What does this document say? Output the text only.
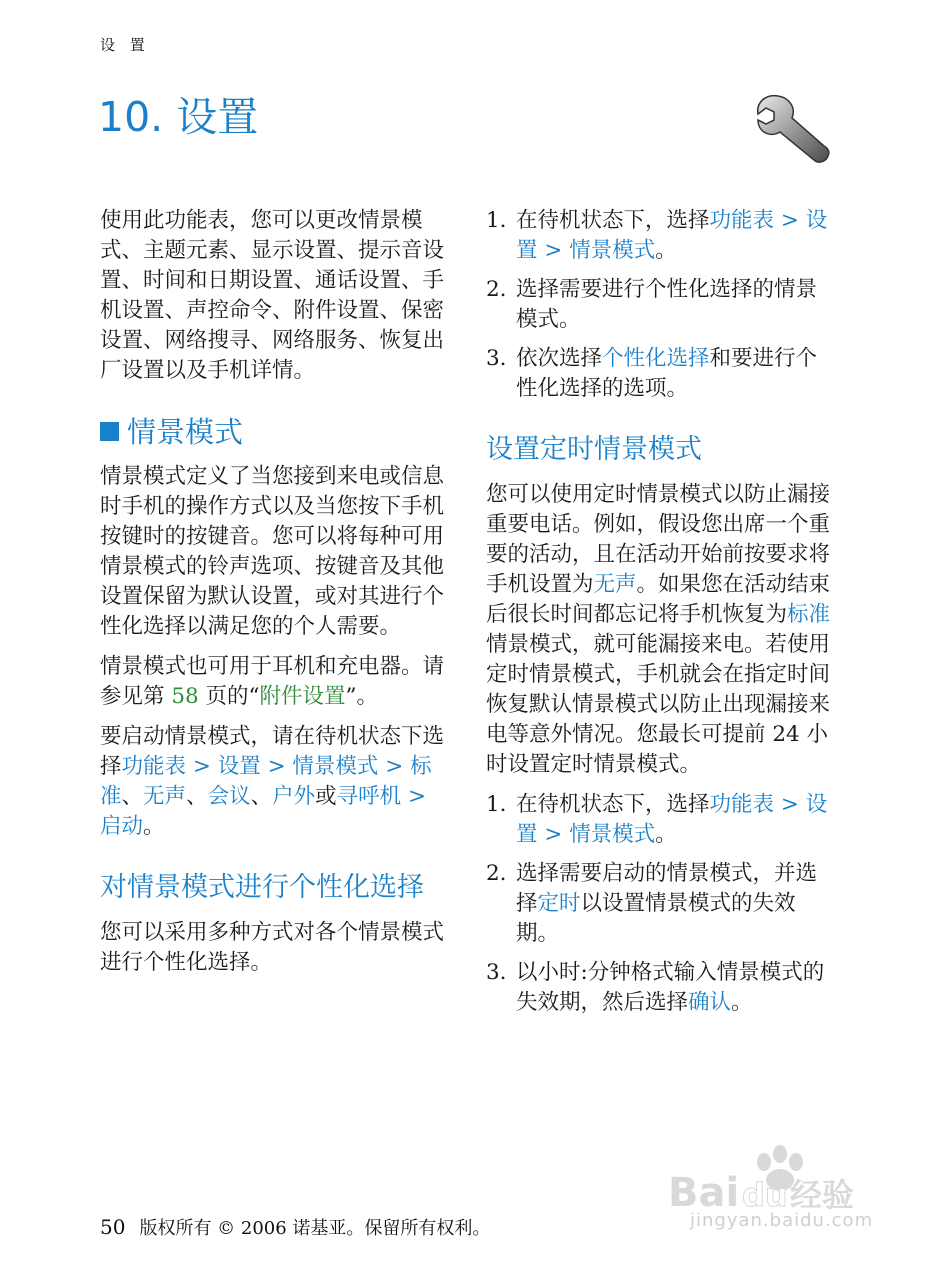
设 置
10. 设置

使用此功能表，您可以更改情景模式、主题元素、显示设置、提示音设置、时间和日期设置、通话设置、手机设置、声控命令、附件设置、保密设置、网络搜寻、网络服务、恢复出厂设置以及手机详情。

情景模式

情景模式定义了当您接到来电或信息时手机的操作方式以及当您按下手机按键时的按键音。您可以将每种可用情景模式的铃声选项、按键音及其他设置保留为默认设置，或对其进行个性化选择以满足您的个人需要。

情景模式也可用于耳机和充电器。请参见第 58 页的“附件设置”。

要启动情景模式，请在待机状态下选择功能表 > 设置 > 情景模式 > 标准、无声、会议、户外或寻呼机 > 启动。

对情景模式进行个性化选择

您可以采用多种方式对各个情景模式进行个性化选择。

1. 在待机状态下，选择功能表 > 设置 > 情景模式。
2. 选择需要进行个性化选择的情景模式。
3. 依次选择个性化选择和要进行个性化选择的选项。
设置定时情景模式

您可以使用定时情景模式以防止漏接重要电话。例如，假设您出席一个重要的活动，且在活动开始前按要求将手机设置为无声。如果您在活动结束后很长时间都忘记将手机恢复为标准情景模式，就可能漏接来电。若使用定时情景模式，手机就会在指定时间恢复默认情景模式以防止出现漏接来电等意外情况。您最长可提前 24 小时设置定时情景模式。

1. 在待机状态下，选择功能表 > 设置 > 情景模式。
2. 选择需要启动的情景模式，并选择定时以设置情景模式的失效期。
3. 以小时:分钟格式输入情景模式的失效期，然后选择确认。
Bai du 经验
jingyan.baidu.com
50 版权所有 © 2006 诺基亚。保留所有权利。
